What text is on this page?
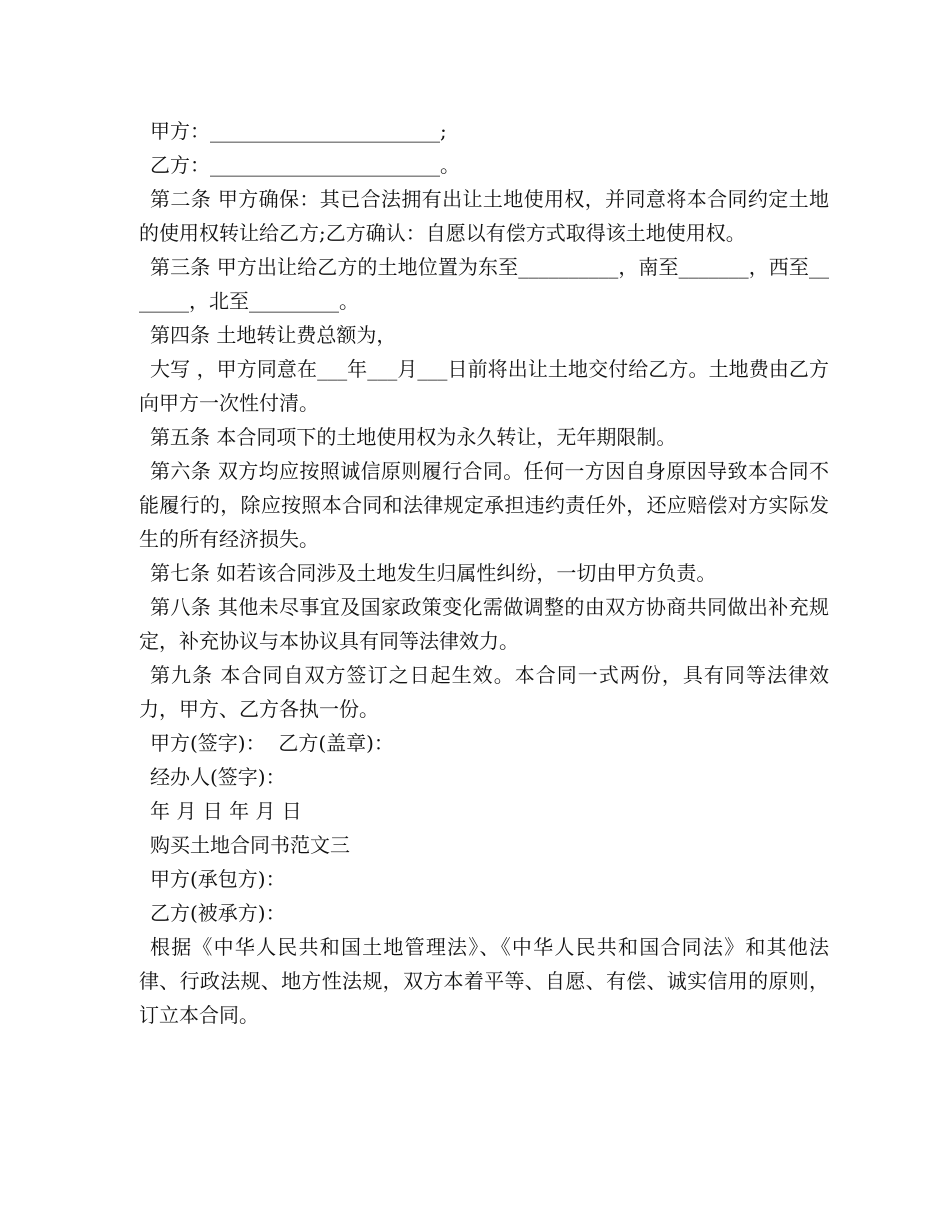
甲方：_______________________;

乙方：_______________________。

第二条 甲方确保：其已合法拥有出让土地使用权，并同意将本合同约定土地的使用权转让给乙方;乙方确认：自愿以有偿方式取得该土地使用权。

第三条 甲方出让给乙方的土地位置为东至__________，南至_______，西至_______，北至_________。

第四条 土地转让费总额为，

大写 ，甲方同意在___年___月___日前将出让土地交付给乙方。土地费由乙方向甲方一次性付清。

第五条 本合同项下的土地使用权为永久转让，无年期限制。

第六条 双方均应按照诚信原则履行合同。任何一方因自身原因导致本合同不能履行的，除应按照本合同和法律规定承担违约责任外，还应赔偿对方实际发生的所有经济损失。

第七条 如若该合同涉及土地发生归属性纠纷，一切由甲方负责。

第八条 其他未尽事宜及国家政策变化需做调整的由双方协商共同做出补充规定，补充协议与本协议具有同等法律效力。

第九条 本合同自双方签订之日起生效。本合同一式两份，具有同等法律效力，甲方、乙方各执一份。

甲方(签字)：  乙方(盖章)：

经办人(签字)：

年 月 日 年 月 日

购买土地合同书范文三

甲方(承包方)：

乙方(被承方)：

根据《中华人民共和国土地管理法》、《中华人民共和国合同法》和其他法律、行政法规、地方性法规，双方本着平等、自愿、有偿、诚实信用的原则，订立本合同。
